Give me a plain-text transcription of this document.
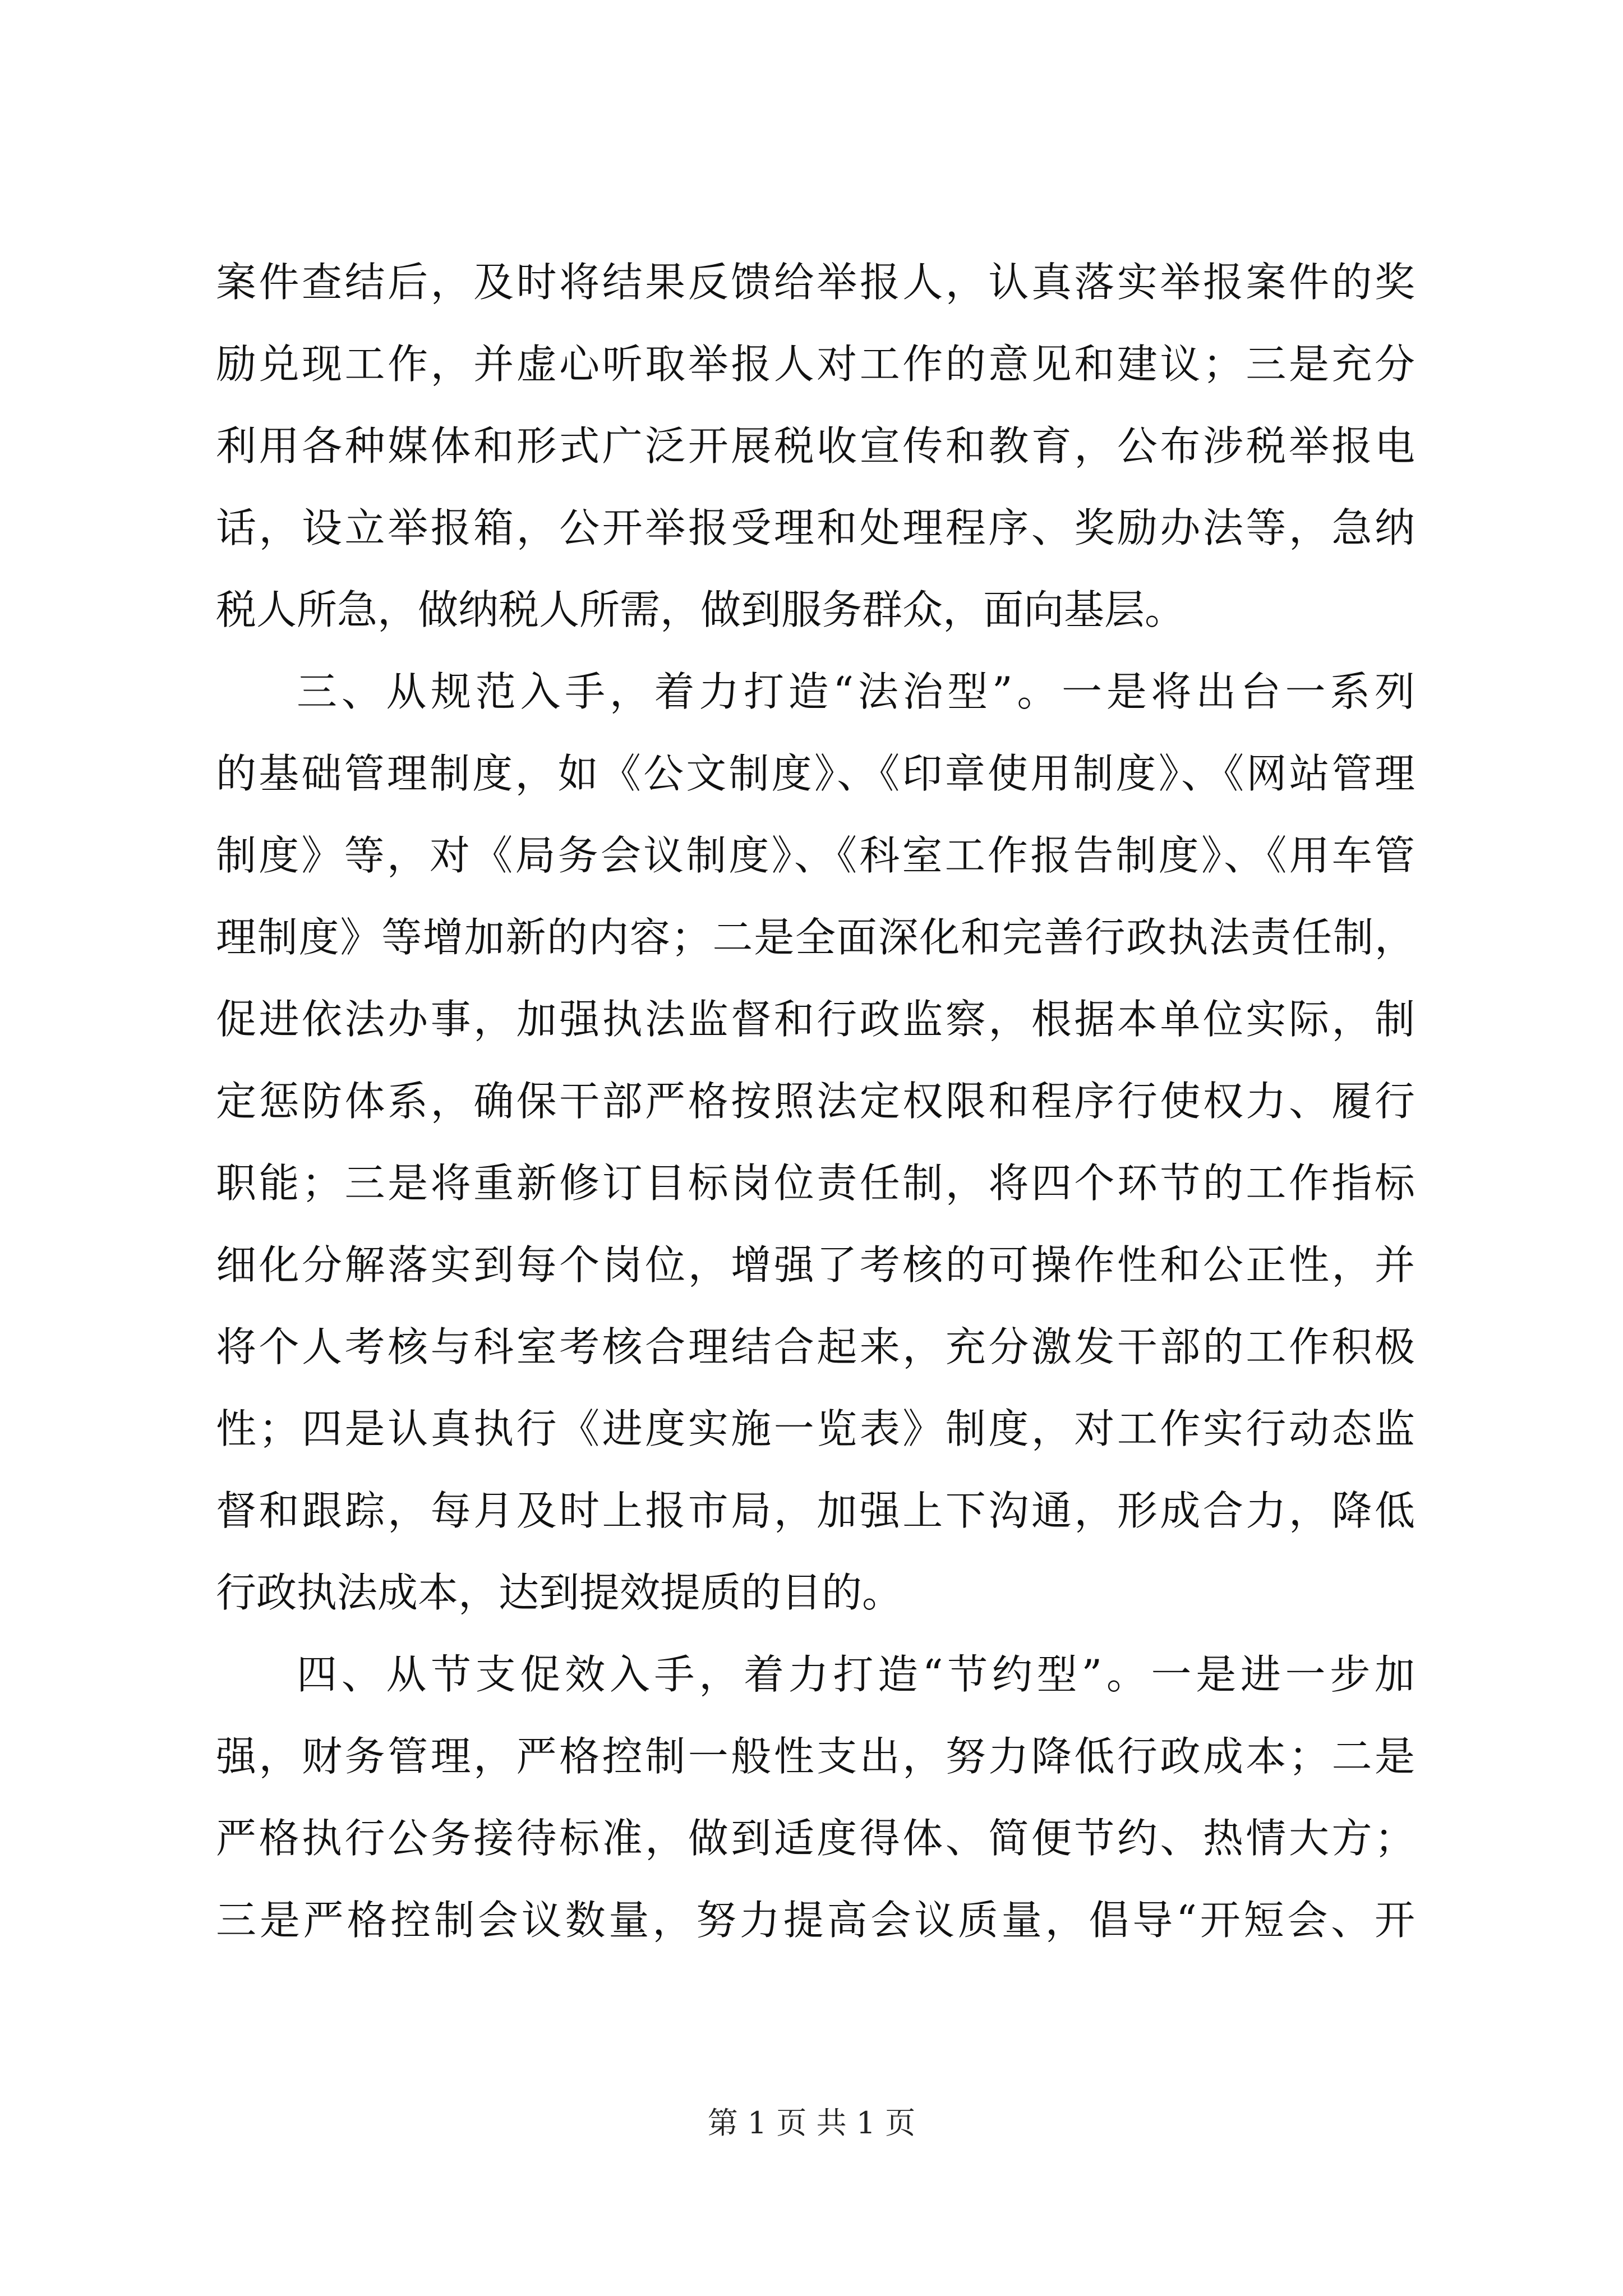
案件查结后，及时将结果反馈给举报人，认真落实举报案件的奖
励兑现工作，并虚心听取举报人对工作的意见和建议；三是充分
利用各种媒体和形式广泛开展税收宣传和教育，公布涉税举报电
话，设立举报箱，公开举报受理和处理程序、奖励办法等，急纳
税人所急，做纳税人所需，做到服务群众，面向基层。

三、从规范入手，着力打造“法治型”。一是将出台一系列
的基础管理制度，如《公文制度》、《印章使用制度》、《网站管理
制度》等，对《局务会议制度》、《科室工作报告制度》、《用车管
理制度》等增加新的内容；二是全面深化和完善行政执法责任制，
促进依法办事，加强执法监督和行政监察，根据本单位实际，制
定惩防体系，确保干部严格按照法定权限和程序行使权力、履行
职能；三是将重新修订目标岗位责任制，将四个环节的工作指标
细化分解落实到每个岗位，增强了考核的可操作性和公正性，并
将个人考核与科室考核合理结合起来，充分激发干部的工作积极
性；四是认真执行《进度实施一览表》制度，对工作实行动态监
督和跟踪，每月及时上报市局，加强上下沟通，形成合力，降低
行政执法成本，达到提效提质的目的。

四、从节支促效入手，着力打造“节约型”。一是进一步加
强，财务管理，严格控制一般性支出，努力降低行政成本；二是
严格执行公务接待标准，做到适度得体、简便节约、热情大方；
三是严格控制会议数量，努力提高会议质量，倡导“开短会、开

第 1 页 共 1 页
